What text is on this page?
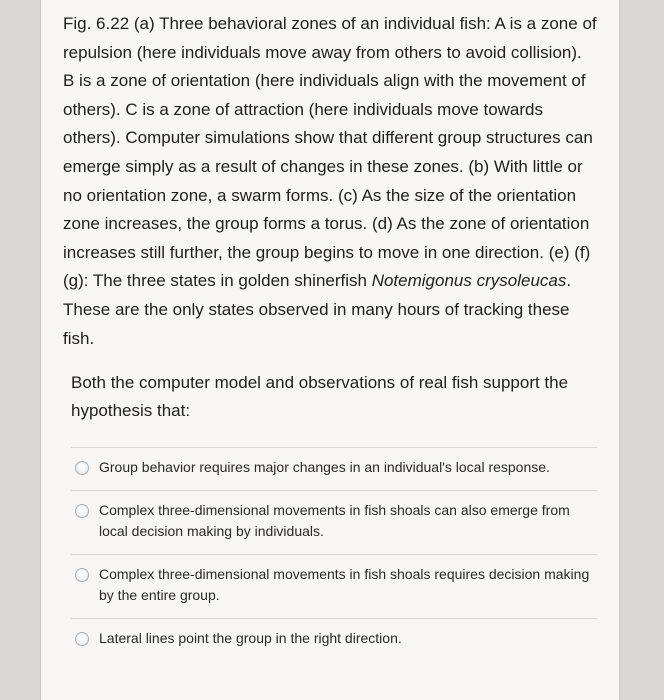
Fig. 6.22 (a) Three behavioral zones of an individual fish: A is a zone of repulsion (here individuals move away from others to avoid collision). B is a zone of orientation (here individuals align with the movement of others). C is a zone of attraction (here individuals move towards others). Computer simulations show that different group structures can emerge simply as a result of changes in these zones. (b) With little or no orientation zone, a swarm forms. (c) As the size of the orientation zone increases, the group forms a torus. (d) As the zone of orientation increases still further, the group begins to move in one direction. (e) (f) (g): The three states in golden shinerfish Notemigonus crysoleucas. These are the only states observed in many hours of tracking these fish.

Both the computer model and observations of real fish support the hypothesis that:
Group behavior requires major changes in an individual's local response.
Complex three-dimensional movements in fish shoals can also emerge from local decision making by individuals.
Complex three-dimensional movements in fish shoals requires decision making by the entire group.
Lateral lines point the group in the right direction.
